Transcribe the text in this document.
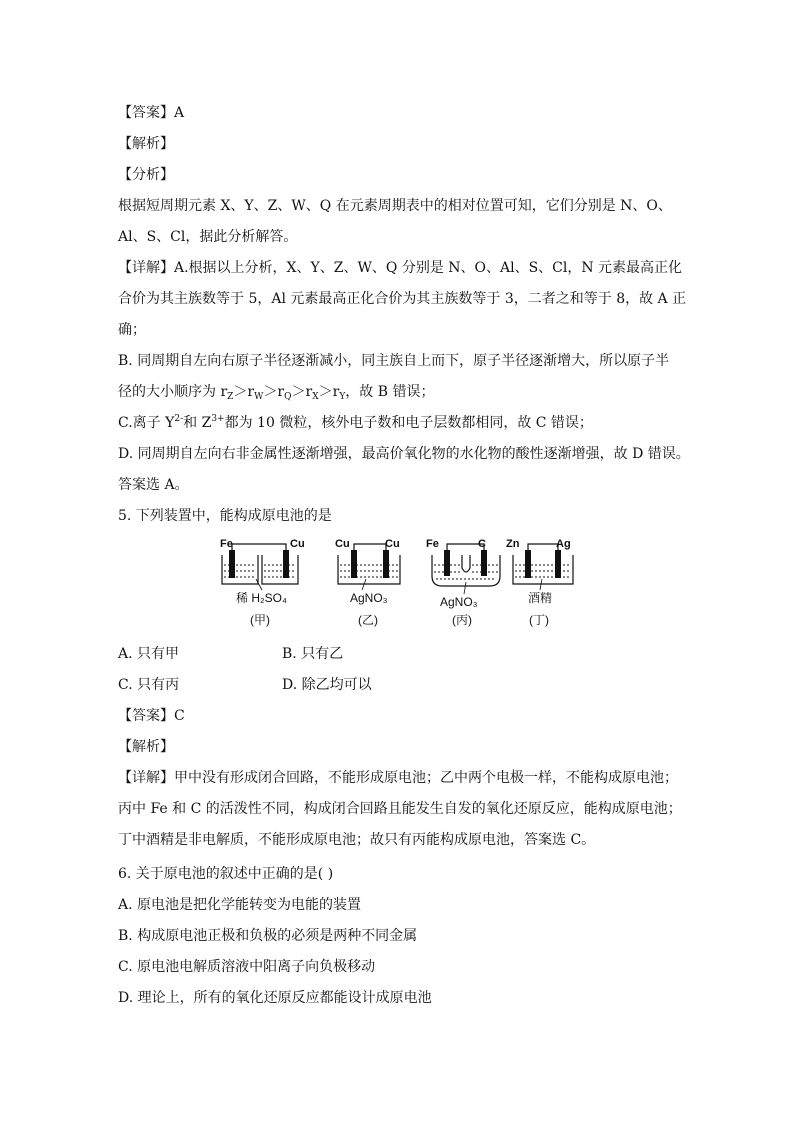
【答案】A
【解析】
【分析】
根据短周期元素 X、Y、Z、W、Q 在元素周期表中的相对位置可知，它们分别是 N、O、
Al、S、Cl，据此分析解答。
【详解】A.根据以上分析，X、Y、Z、W、Q 分别是 N、O、Al、S、Cl，N 元素最高正化
合价为其主族数等于 5，Al 元素最高正化合价为其主族数等于 3，二者之和等于 8，故 A 正
确；
B. 同周期自左向右原子半径逐渐减小，同主族自上而下，原子半径逐渐增大，所以原子半
径的大小顺序为 $r_Z>r_W>r_Q>r_X>r_Y$，故 B 错误；
C.离子 $Y^{2-}$和 $Z^{3+}$都为 10 微粒，核外电子数和电子层数都相同，故 C 错误；
D. 同周期自左向右非金属性逐渐增强，最高价氧化物的水化物的酸性逐渐增强，故 D 错误。
答案选 A。
5. 下列装置中，能构成原电池的是
Fe	Cu	Cu	Cu Fe	C Zn	Ag
稀 H₂SO₄	AgNO₃	AgNO₃	酒精
(甲)	(乙)	(丙)	(丁)
A. 只有甲	B. 只有乙
C. 只有丙	D. 除乙均可以
【答案】C
【解析】
【详解】甲中没有形成闭合回路，不能形成原电池；乙中两个电极一样，不能构成原电池；
丙中 Fe 和 C 的活泼性不同，构成闭合回路且能发生自发的氧化还原反应，能构成原电池；
丁中酒精是非电解质，不能形成原电池；故只有丙能构成原电池，答案选 C。
6. 关于原电池的叙述中正确的是( )
A. 原电池是把化学能转变为电能的装置
B. 构成原电池正极和负极的必须是两种不同金属
C. 原电池电解质溶液中阳离子向负极移动
D. 理论上，所有的氧化还原反应都能设计成原电池
